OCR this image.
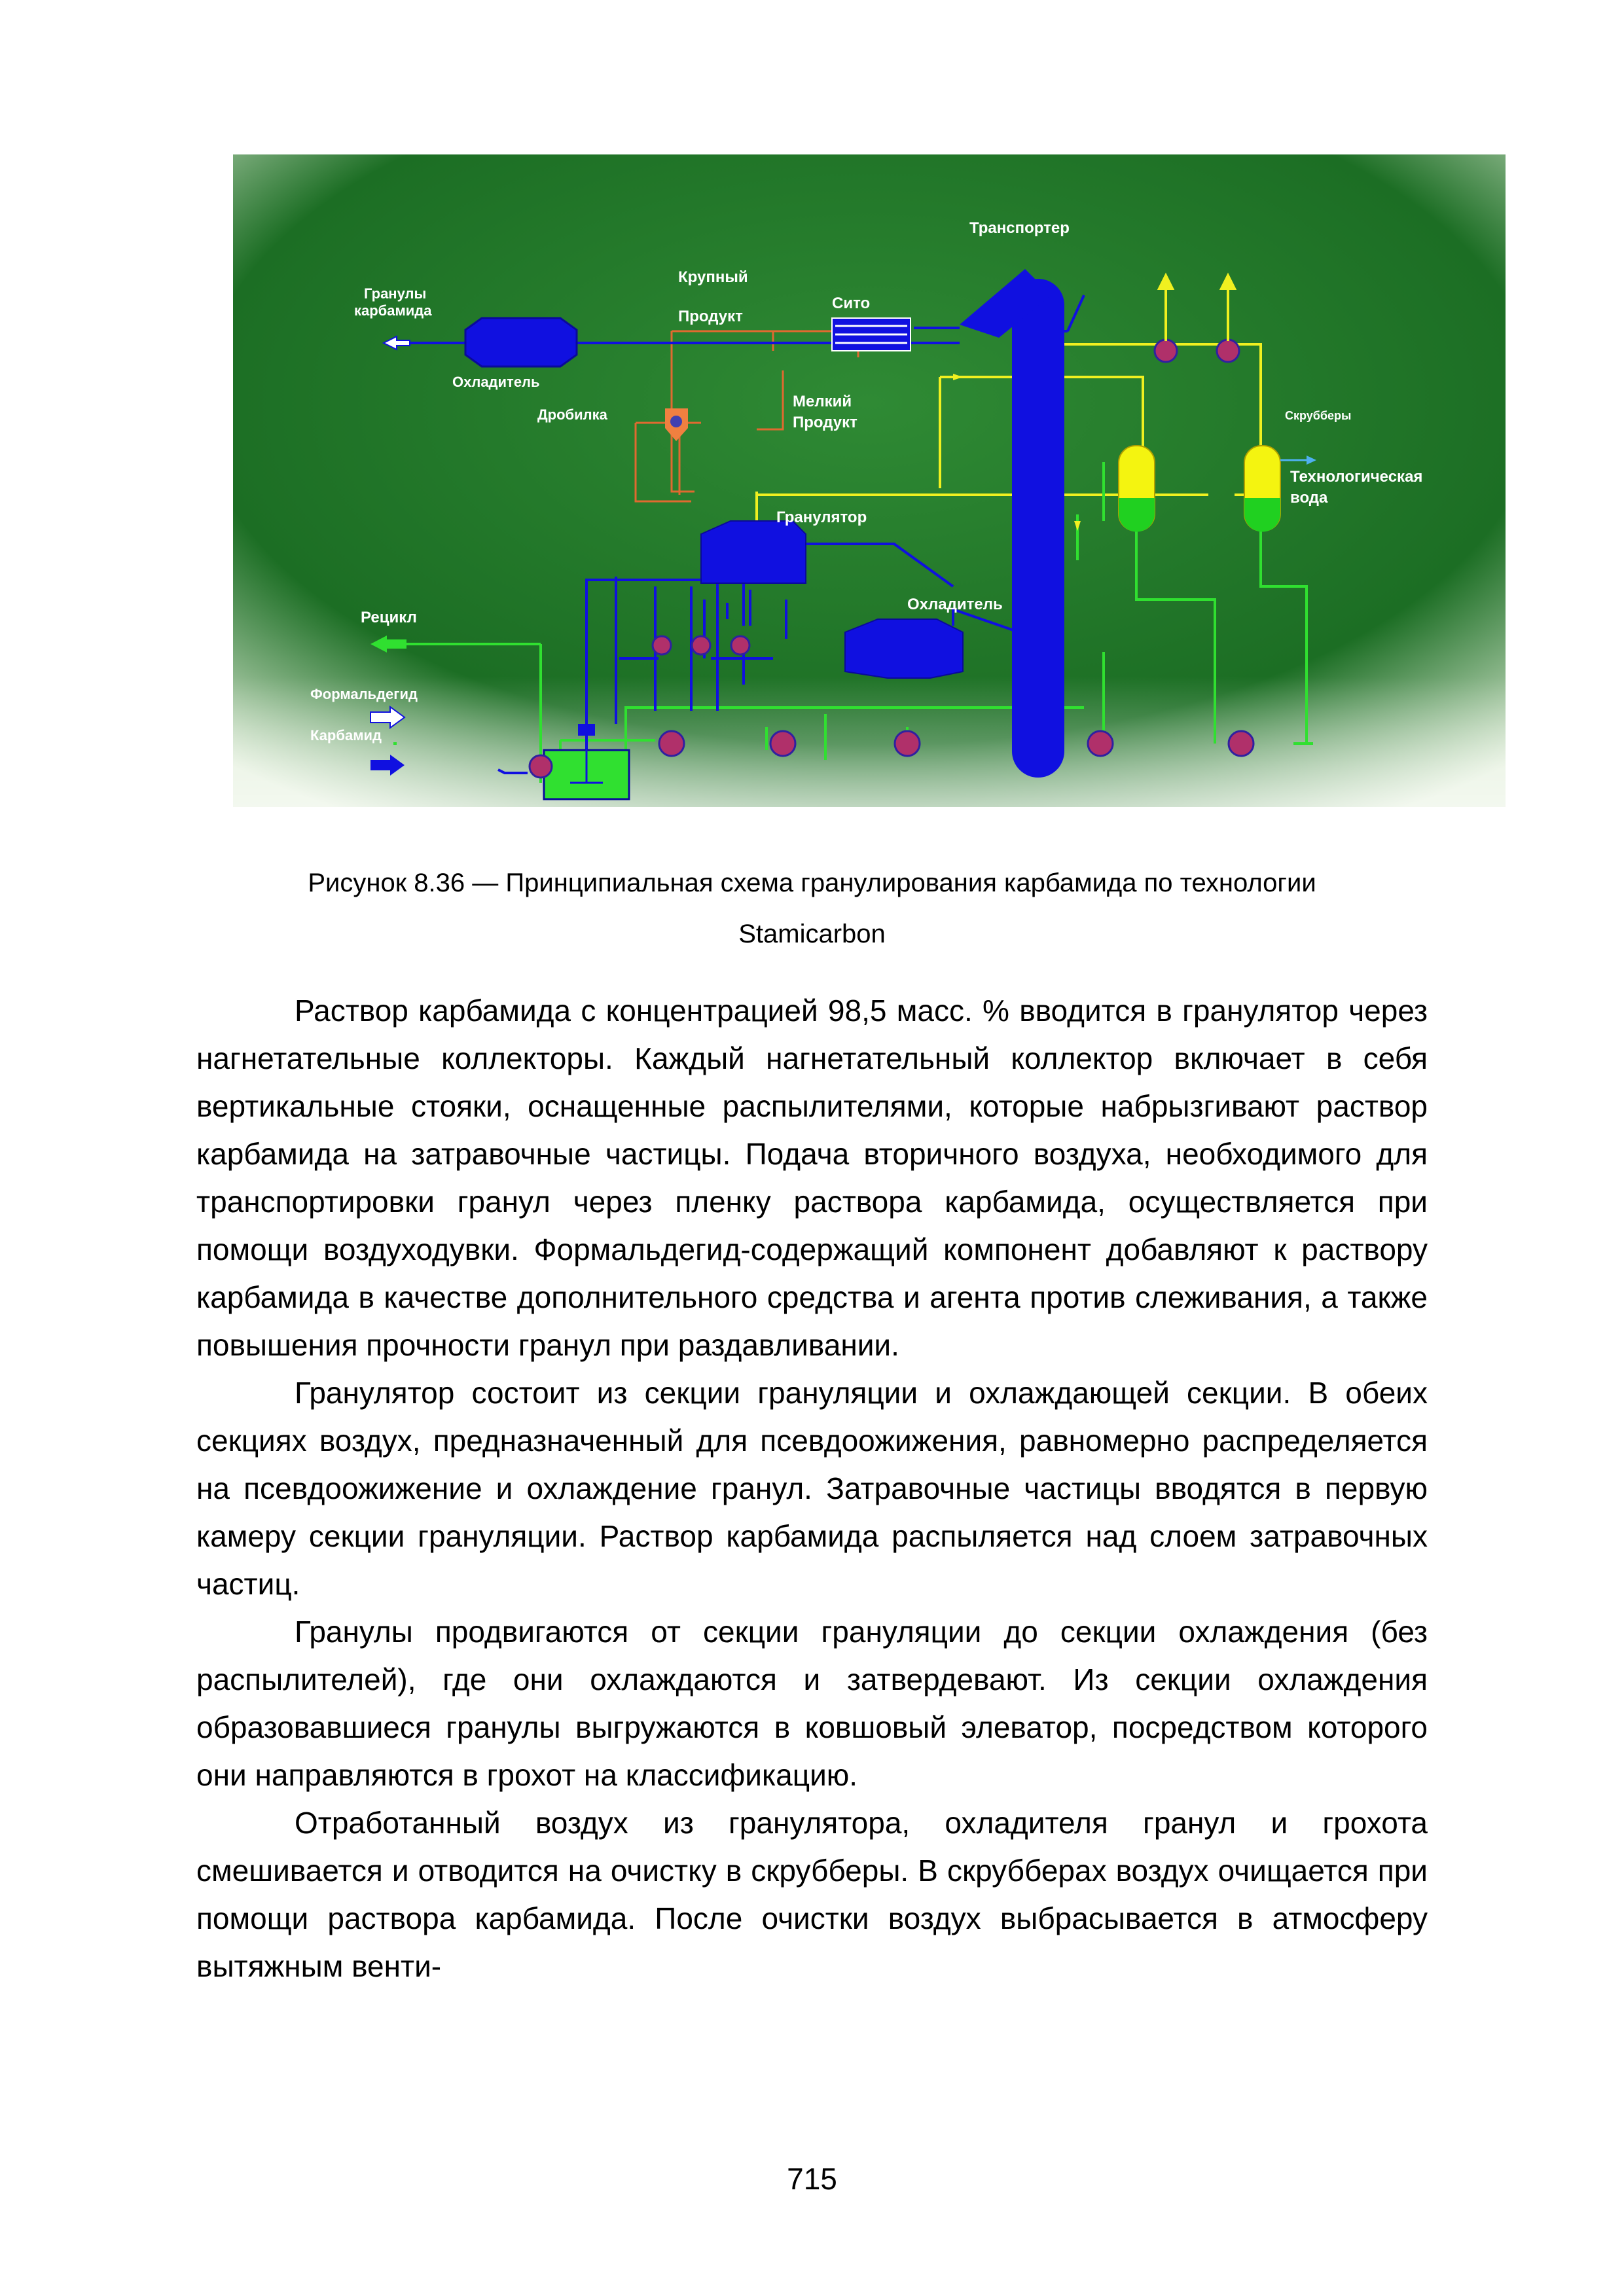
Гранулы карбамида
Охладитель
Крупный Продукт
Сито
Транспортер
Дробилка
Мелкий Продукт	Скрубберы
Технологическая вода
Гранулятор
Охладитель
Рецикл
Формальдегид
Карбамид
Рисунок 8.36 — Принципиальная схема гранулирования карбамида по технологии
Stamicarbon

Раствор карбамида с концентрацией 98,5 масс. % вводится в гранулятор через нагнетательные коллекторы. Каждый нагнетательный коллектор включает в себя вертикальные стояки, оснащенные распылителями, которые набрызгивают раствор карбамида на затравочные частицы. Подача вторичного воздуха, необходимого для транспортировки гранул через пленку раствора карбамида, осуществляется при помощи воздуходувки. Формальдегид-содержащий компонент добавляют к раствору карбамида в качестве дополнительного средства и агента против слеживания, а также повышения прочности гранул при раздавливании.

Гранулятор состоит из секции грануляции и охлаждающей секции. В обеих секциях воздух, предназначенный для псевдоожижения, равномерно распределяется на псевдоожижение и охлаждение гранул. Затравочные частицы вводятся в первую камеру секции грануляции. Раствор карбамида распыляется над слоем затравочных частиц.

Гранулы продвигаются от секции грануляции до секции охлаждения (без распылителей), где они охлаждаются и затвердевают. Из секции охлаждения образовавшиеся гранулы выгружаются в ковшовый элеватор, посредством которого они направляются в грохот на классификацию.

Отработанный воздух из гранулятора, охладителя гранул и грохота смешивается и отводится на очистку в скрубберы. В скрубберах воздух очищается при помощи раствора карбамида. После очистки воздух выбрасывается в атмосферу вытяжным венти-

715
